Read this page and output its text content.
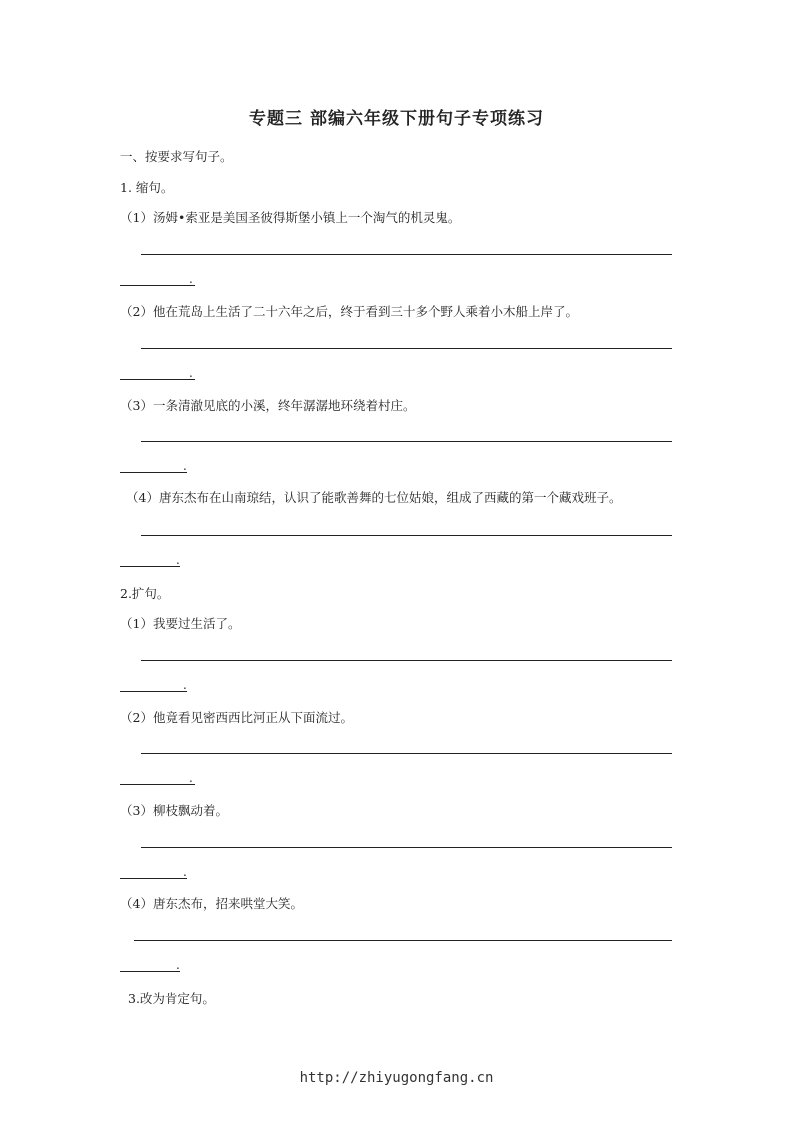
专题三 部编六年级下册句子专项练习
一、按要求写句子。
1. 缩句。
（1）汤姆•索亚是美国圣彼得斯堡小镇上一个淘气的机灵鬼。
.
（2）他在荒岛上生活了二十六年之后，终于看到三十多个野人乘着小木船上岸了。
.
（3）一条清澈见底的小溪，终年潺潺地环绕着村庄。
.
（4）唐东杰布在山南琼结，认识了能歌善舞的七位姑娘，组成了西藏的第一个藏戏班子。
.
2.扩句。
（1）我要过生活了。
.
（2）他竟看见密西西比河正从下面流过。
.
（3）柳枝飘动着。
.
（4）唐东杰布，招来哄堂大笑。
.
3.改为肯定句。
http://zhiyugongfang.cn
